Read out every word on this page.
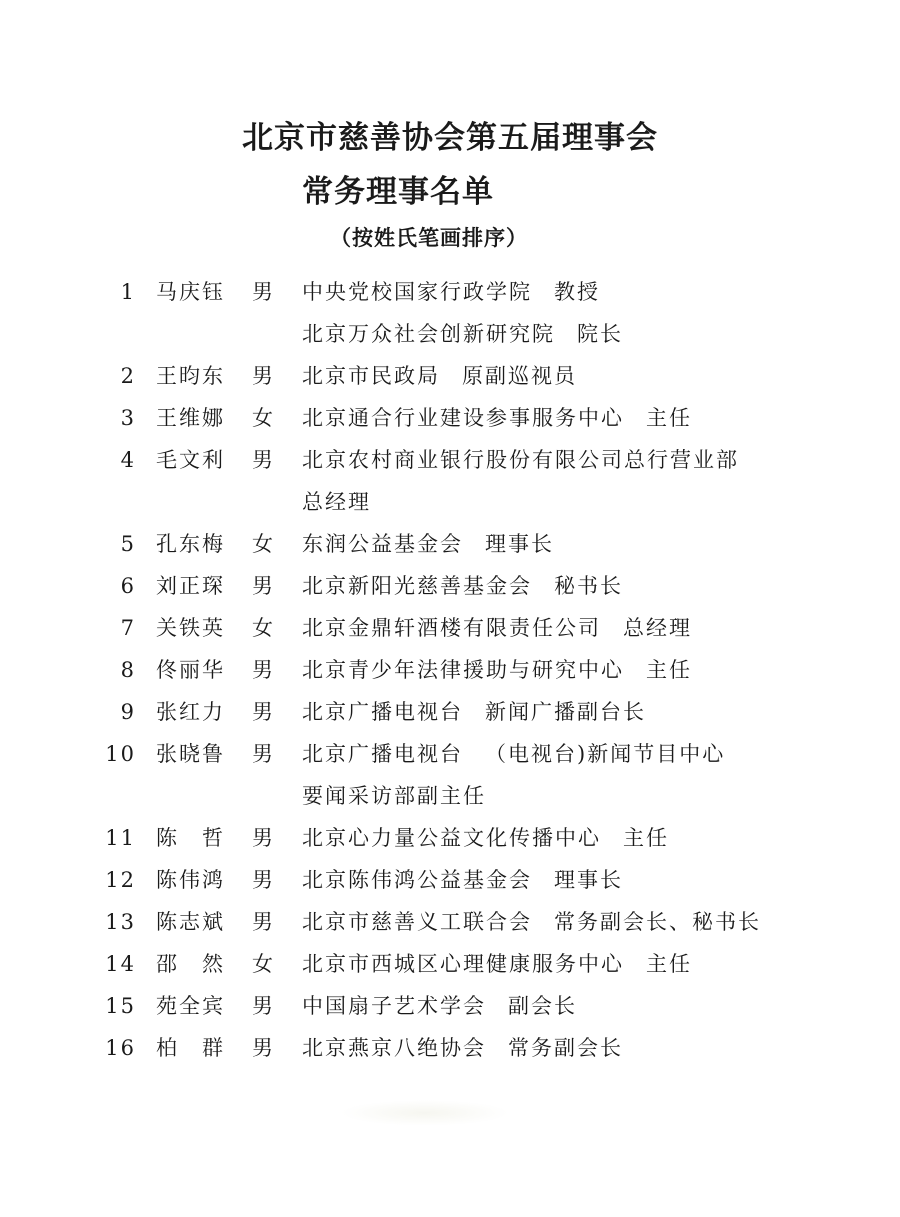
北京市慈善协会第五届理事会
常务理事名单
（按姓氏笔画排序）
1 马庆钰 男 中央党校国家行政学院 教授
北京万众社会创新研究院 院长
2 王昀东 男 北京市民政局 原副巡视员
3 王维娜 女 北京通合行业建设参事服务中心 主任
4 毛文利 男 北京农村商业银行股份有限公司总行营业部
总经理
5 孔东梅 女 东润公益基金会 理事长
6 刘正琛 男 北京新阳光慈善基金会 秘书长
7 关铁英 女 北京金鼎轩酒楼有限责任公司 总经理
8 佟丽华 男 北京青少年法律援助与研究中心 主任
9 张红力 男 北京广播电视台 新闻广播副台长
10 张晓鲁 男 北京广播电视台 （电视台)新闻节目中心
要闻采访部副主任
11 陈　哲 男 北京心力量公益文化传播中心 主任
12 陈伟鸿 男 北京陈伟鸿公益基金会 理事长
13 陈志斌 男 北京市慈善义工联合会 常务副会长、秘书长
14 邵　然 女 北京市西城区心理健康服务中心 主任
15 苑全宾 男 中国扇子艺术学会 副会长
16 柏　群 男 北京燕京八绝协会 常务副会长
